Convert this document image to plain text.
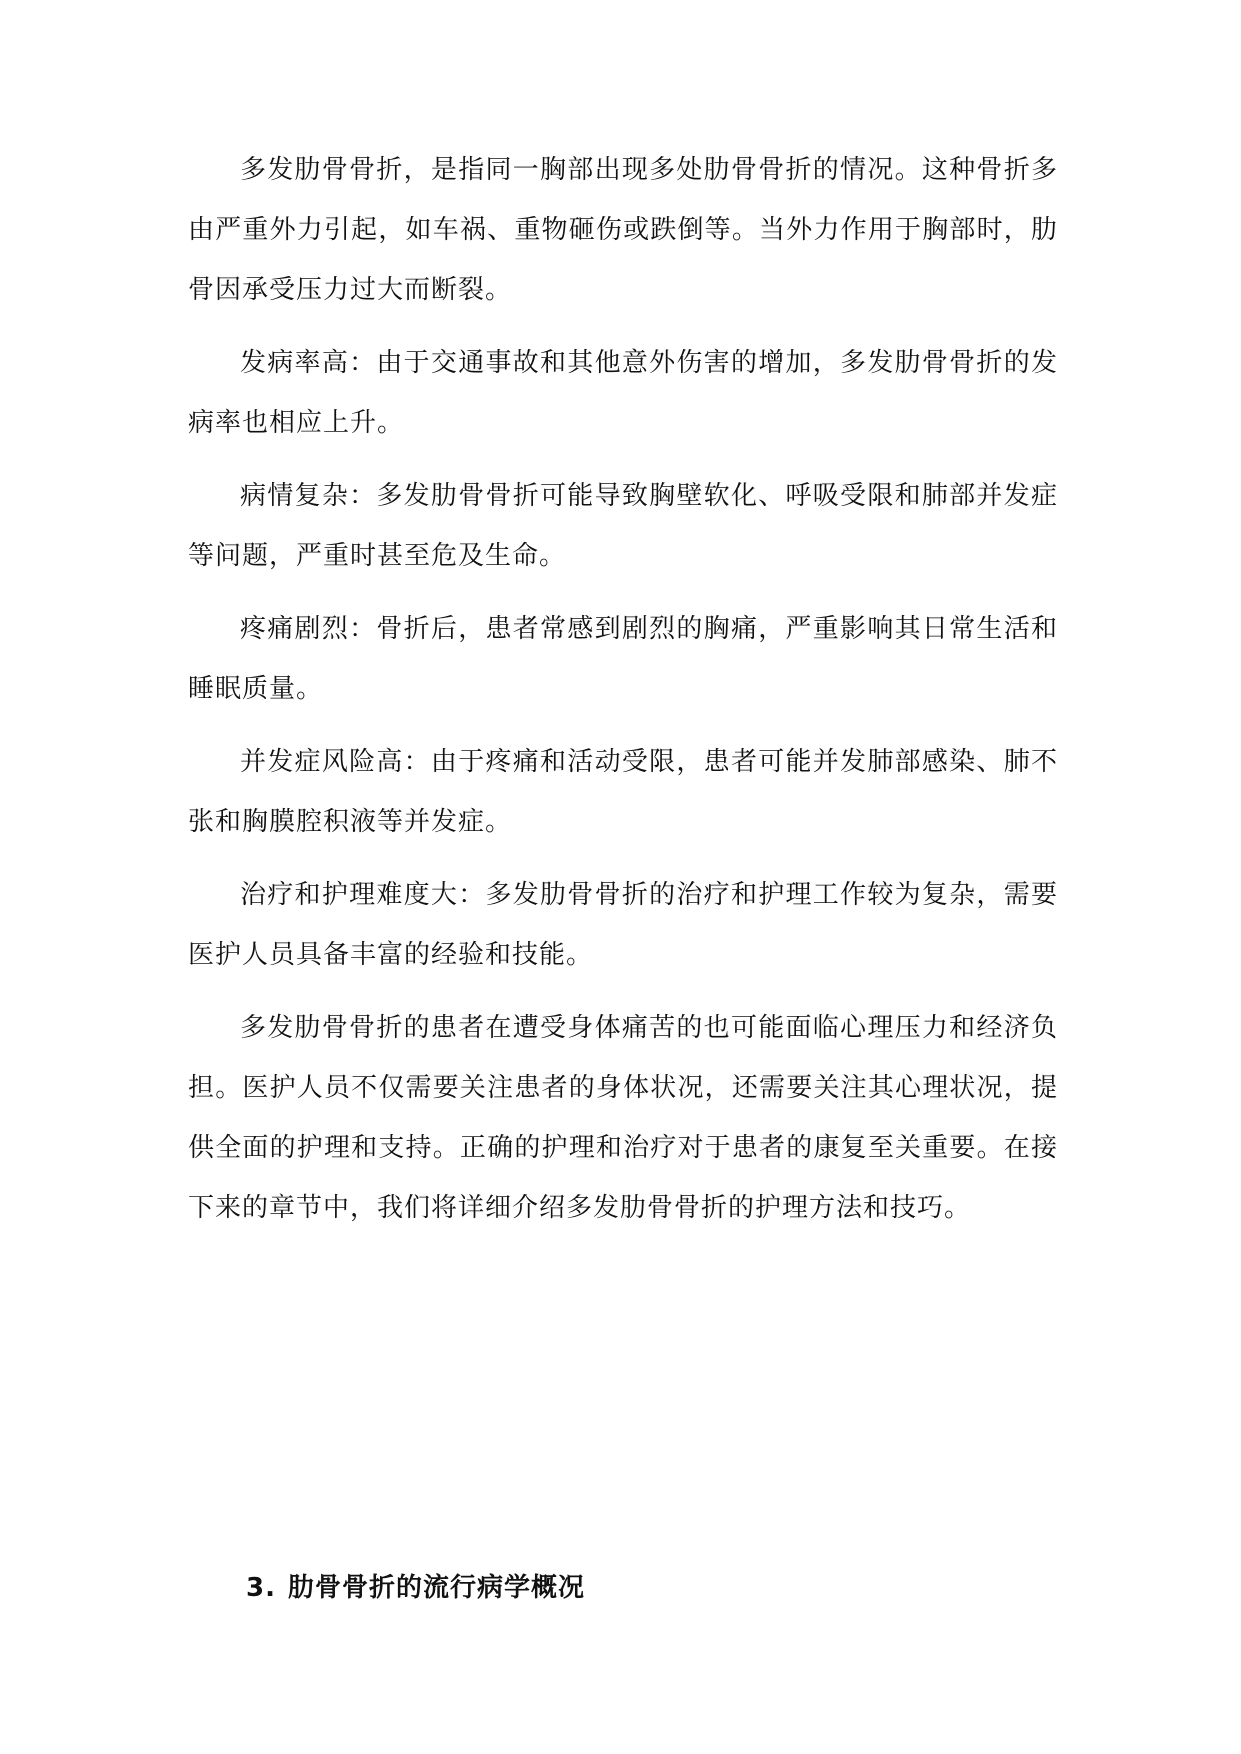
多发肋骨骨折，是指同一胸部出现多处肋骨骨折的情况。这种骨折多由严重外力引起，如车祸、重物砸伤或跌倒等。当外力作用于胸部时，肋骨因承受压力过大而断裂。

发病率高：由于交通事故和其他意外伤害的增加，多发肋骨骨折的发病率也相应上升。

病情复杂：多发肋骨骨折可能导致胸壁软化、呼吸受限和肺部并发症等问题，严重时甚至危及生命。

疼痛剧烈：骨折后，患者常感到剧烈的胸痛，严重影响其日常生活和睡眠质量。

并发症风险高：由于疼痛和活动受限，患者可能并发肺部感染、肺不张和胸膜腔积液等并发症。

治疗和护理难度大：多发肋骨骨折的治疗和护理工作较为复杂，需要医护人员具备丰富的经验和技能。

多发肋骨骨折的患者在遭受身体痛苦的也可能面临心理压力和经济负担。医护人员不仅需要关注患者的身体状况，还需要关注其心理状况，提供全面的护理和支持。正确的护理和治疗对于患者的康复至关重要。在接下来的章节中，我们将详细介绍多发肋骨骨折的护理方法和技巧。

3. 肋骨骨折的流行病学概况
